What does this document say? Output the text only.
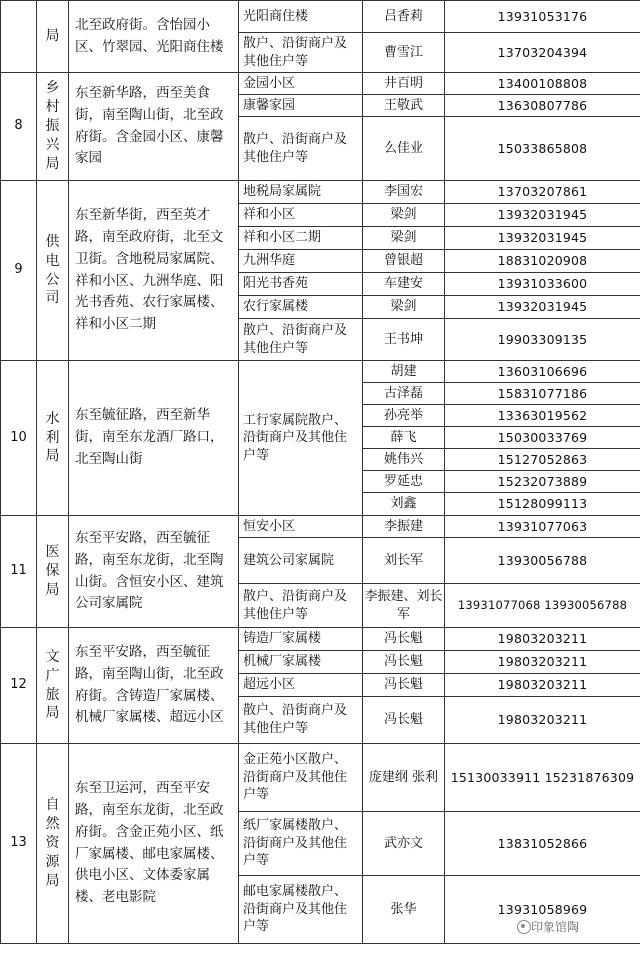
	局	北至政府街。含怡园小区、竹翠园、光阳商住楼	光阳商住楼	吕香莉	13931053176
			散户、沿街商户及其他住户等	曹雪江	13703204394
8	乡村振兴局	东至新华路，西至美食街，南至陶山街，北至政府街。含金园小区、康馨家园	金园小区	井百明	13400108808
			康馨家园	王敬武	13630807786
			散户、沿街商户及其他住户等	么佳业	15033865808
9	供电公司	东至新华街，西至英才路，南至政府街，北至文卫街。含地税局家属院、祥和小区、九洲华庭、阳光书香苑、农行家属楼、祥和小区二期	地税局家属院	李国宏	13703207861
			祥和小区	梁剑	13932031945
			祥和小区二期	梁剑	13932031945
			九洲华庭	曾银超	18831020908
			阳光书香苑	车建安	13931033600
			农行家属楼	梁剑	13932031945
			散户、沿街商户及其他住户等	王书坤	19903309135
10	水利局	东至毓征路，西至新华街，南至东龙酒厂路口，北至陶山街	工行家属院散户、沿街商户及其他住户等	胡建	13603106696
				古泽磊	15831077186
				孙亮举	13363019562
				薛飞	15030033769
				姚伟兴	15127052863
				罗延忠	15232073889
				刘鑫	15128099113
11	医保局	东至平安路，西至毓征路，南至东龙街，北至陶山街。含恒安小区、建筑公司家属院	恒安小区	李振建	13931077063
			建筑公司家属院	刘长军	13930056788
			散户、沿街商户及其他住户等	李振建、刘长军	13931077068 13930056788
12	文广旅局	东至平安路，西至毓征路，南至陶山街，北至政府街。含铸造厂家属楼、机械厂家属楼、超远小区	铸造厂家属楼	冯长魁	19803203211
			机械厂家属楼	冯长魁	19803203211
			超远小区	冯长魁	19803203211
			散户、沿街商户及其他住户等	冯长魁	19803203211
13	自然资源局	东至卫运河，西至平安路，南至东龙街，北至政府街。含金正苑小区、纸厂家属楼、邮电家属楼、供电小区、文体委家属楼、老电影院	金正苑小区散户、沿街商户及其他住户等	庞建纲 张利	15130033911 15231876309
			纸厂家属楼散户、沿街商户及其他住户等	武亦文	13831052866
			邮电家属楼散户、沿街商户及其他住户等	张华	13931058969
印象馆陶
